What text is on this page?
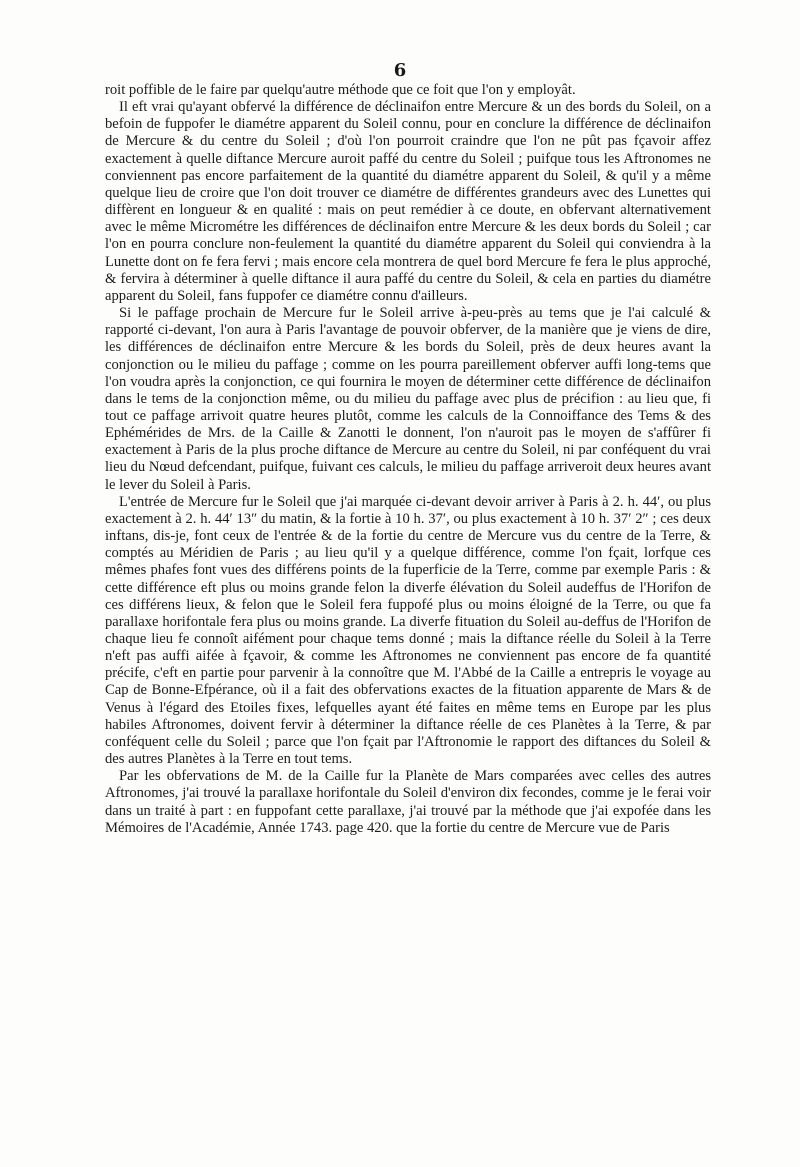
6

roit poffible de le faire par quelqu'autre méthode que ce foit que l'on y employât.

Il eft vrai qu'ayant obfervé la différence de déclinaifon entre Mercure & un des bords du Soleil, on a befoin de fuppofer le diamétre apparent du Soleil connu, pour en conclure la différence de déclinaifon de Mercure & du centre du Soleil ; d'où l'on pourroit craindre que l'on ne pût pas fçavoir affez exactement à quelle diftance Mercure auroit paffé du centre du Soleil ; puifque tous les Aftronomes ne conviennent pas encore parfaitement de la quantité du diamétre apparent du Soleil, & qu'il y a même quelque lieu de croire que l'on doit trouver ce diamétre de différentes grandeurs avec des Lunettes qui diffèrent en longueur & en qualité : mais on peut remédier à ce doute, en obfervant alternativement avec le même Micrométre les différences de déclinaifon entre Mercure & les deux bords du Soleil ; car l'on en pourra conclure non-feulement la quantité du diamétre apparent du Soleil qui conviendra à la Lunette dont on fe fera fervi ; mais encore cela montrera de quel bord Mercure fe fera le plus approché, & fervira à déterminer à quelle diftance il aura paffé du centre du Soleil, & cela en parties du diamétre apparent du Soleil, fans fuppofer ce diamétre connu d'ailleurs.

Si le paffage prochain de Mercure fur le Soleil arrive à-peu-près au tems que je l'ai calculé & rapporté ci-devant, l'on aura à Paris l'avantage de pouvoir obferver, de la manière que je viens de dire, les différences de déclinaifon entre Mercure & les bords du Soleil, près de deux heures avant la conjonction ou le milieu du paffage ; comme on les pourra pareillement obferver auffi long-tems que l'on voudra après la conjonction, ce qui fournira le moyen de déterminer cette différence de déclinaifon dans le tems de la conjonction même, ou du milieu du paffage avec plus de précifion : au lieu que, fi tout ce paffage arrivoit quatre heures plutôt, comme les calculs de la Connoiffance des Tems & des Ephémérides de Mrs. de la Caille & Zanotti le donnent, l'on n'auroit pas le moyen de s'affûrer fi exactement à Paris de la plus proche diftance de Mercure au centre du Soleil, ni par conféquent du vrai lieu du Nœud defcendant, puifque, fuivant ces calculs, le milieu du paffage arriveroit deux heures avant le lever du Soleil à Paris.

L'entrée de Mercure fur le Soleil que j'ai marquée ci-devant devoir arriver à Paris à 2. h. 44′, ou plus exactement à 2. h. 44′ 13″ du matin, & la fortie à 10 h. 37′, ou plus exactement à 10 h. 37′ 2″ ; ces deux inftans, dis-je, font ceux de l'entrée & de la fortie du centre de Mercure vus du centre de la Terre, & comptés au Méridien de Paris ; au lieu qu'il y a quelque différence, comme l'on fçait, lorfque ces mêmes phafes font vues des différens points de la fuperficie de la Terre, comme par exemple Paris : & cette différence eft plus ou moins grande felon la diverfe élévation du Soleil audeffus de l'Horifon de ces différens lieux, & felon que le Soleil fera fuppofé plus ou moins éloigné de la Terre, ou que fa parallaxe horifontale fera plus ou moins grande. La diverfe fituation du Soleil au-deffus de l'Horifon de chaque lieu fe connoît aifément pour chaque tems donné ; mais la diftance réelle du Soleil à la Terre n'eft pas auffi aifée à fçavoir, & comme les Aftronomes ne conviennent pas encore de fa quantité précife, c'eft en partie pour parvenir à la connoître que M. l'Abbé de la Caille a entrepris le voyage au Cap de Bonne-Efpérance, où il a fait des obfervations exactes de la fituation apparente de Mars & de Venus à l'égard des Etoiles fixes, lefquelles ayant été faites en même tems en Europe par les plus habiles Aftronomes, doivent fervir à déterminer la diftance réelle de ces Planètes à la Terre, & par conféquent celle du Soleil ; parce que l'on fçait par l'Aftronomie le rapport des diftances du Soleil & des autres Planètes à la Terre en tout tems.

Par les obfervations de M. de la Caille fur la Planète de Mars comparées avec celles des autres Aftronomes, j'ai trouvé la parallaxe horifontale du Soleil d'environ dix fecondes, comme je le ferai voir dans un traité à part : en fuppofant cette parallaxe, j'ai trouvé par la méthode que j'ai expofée dans les Mémoires de l'Académie, Année 1743. page 420. que la fortie du centre de Mercure vue de Paris
